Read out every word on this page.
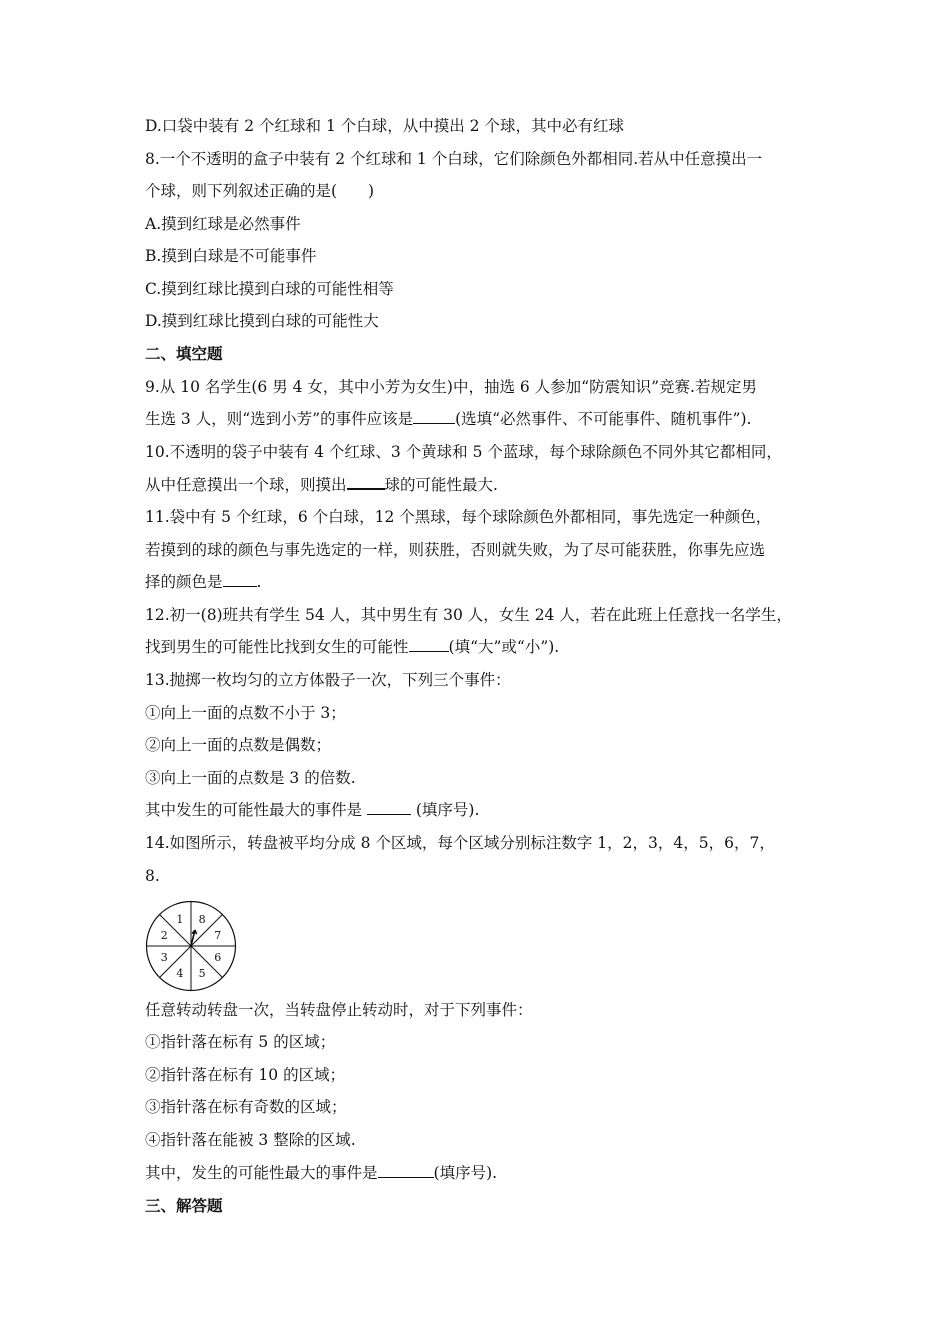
D.口袋中装有 2 个红球和 1 个白球，从中摸出 2 个球，其中必有红球
8.一个不透明的盒子中装有 2 个红球和 1 个白球，它们除颜色外都相同.若从中任意摸出一
个球，则下列叙述正确的是(　　)
A.摸到红球是必然事件
B.摸到白球是不可能事件
C.摸到红球比摸到白球的可能性相等
D.摸到红球比摸到白球的可能性大
二、填空题
9.从 10 名学生(6 男 4 女，其中小芳为女生)中，抽选 6 人参加“防震知识”竞赛.若规定男
生选 3 人，则“选到小芳”的事件应该是	(选填“必然事件、不可能事件、随机事件”).
10.不透明的袋子中装有 4 个红球、3 个黄球和 5 个蓝球，每个球除颜色不同外其它都相同，
从中任意摸出一个球，则摸出 球的可能性最大.
11.袋中有 5 个红球，6 个白球，12 个黑球，每个球除颜色外都相同，事先选定一种颜色，
若摸到的球的颜色与事先选定的一样，则获胜，否则就失败，为了尽可能获胜，你事先应选
择的颜色是 .
12.初一(8)班共有学生 54 人，其中男生有 30 人，女生 24 人，若在此班上任意找一名学生，
找到男生的可能性比找到女生的可能性	(填“大”或“小”).
13.抛掷一枚均匀的立方体骰子一次，下列三个事件：
①向上一面的点数不小于 3；
②向上一面的点数是偶数；
③向上一面的点数是 3 的倍数.
其中发生的可能性最大的事件是	(填序号).
14.如图所示，转盘被平均分成 8 个区域，每个区域分别标注数字 1，2，3，4，5，6，7，
8.
1 8
7
6
5
4
3
2
任意转动转盘一次，当转盘停止转动时，对于下列事件：
①指针落在标有 5 的区域；
②指针落在标有 10 的区域；
③指针落在标有奇数的区域；
④指针落在能被 3 整除的区域.
其中，发生的可能性最大的事件是	(填序号).
三、解答题
